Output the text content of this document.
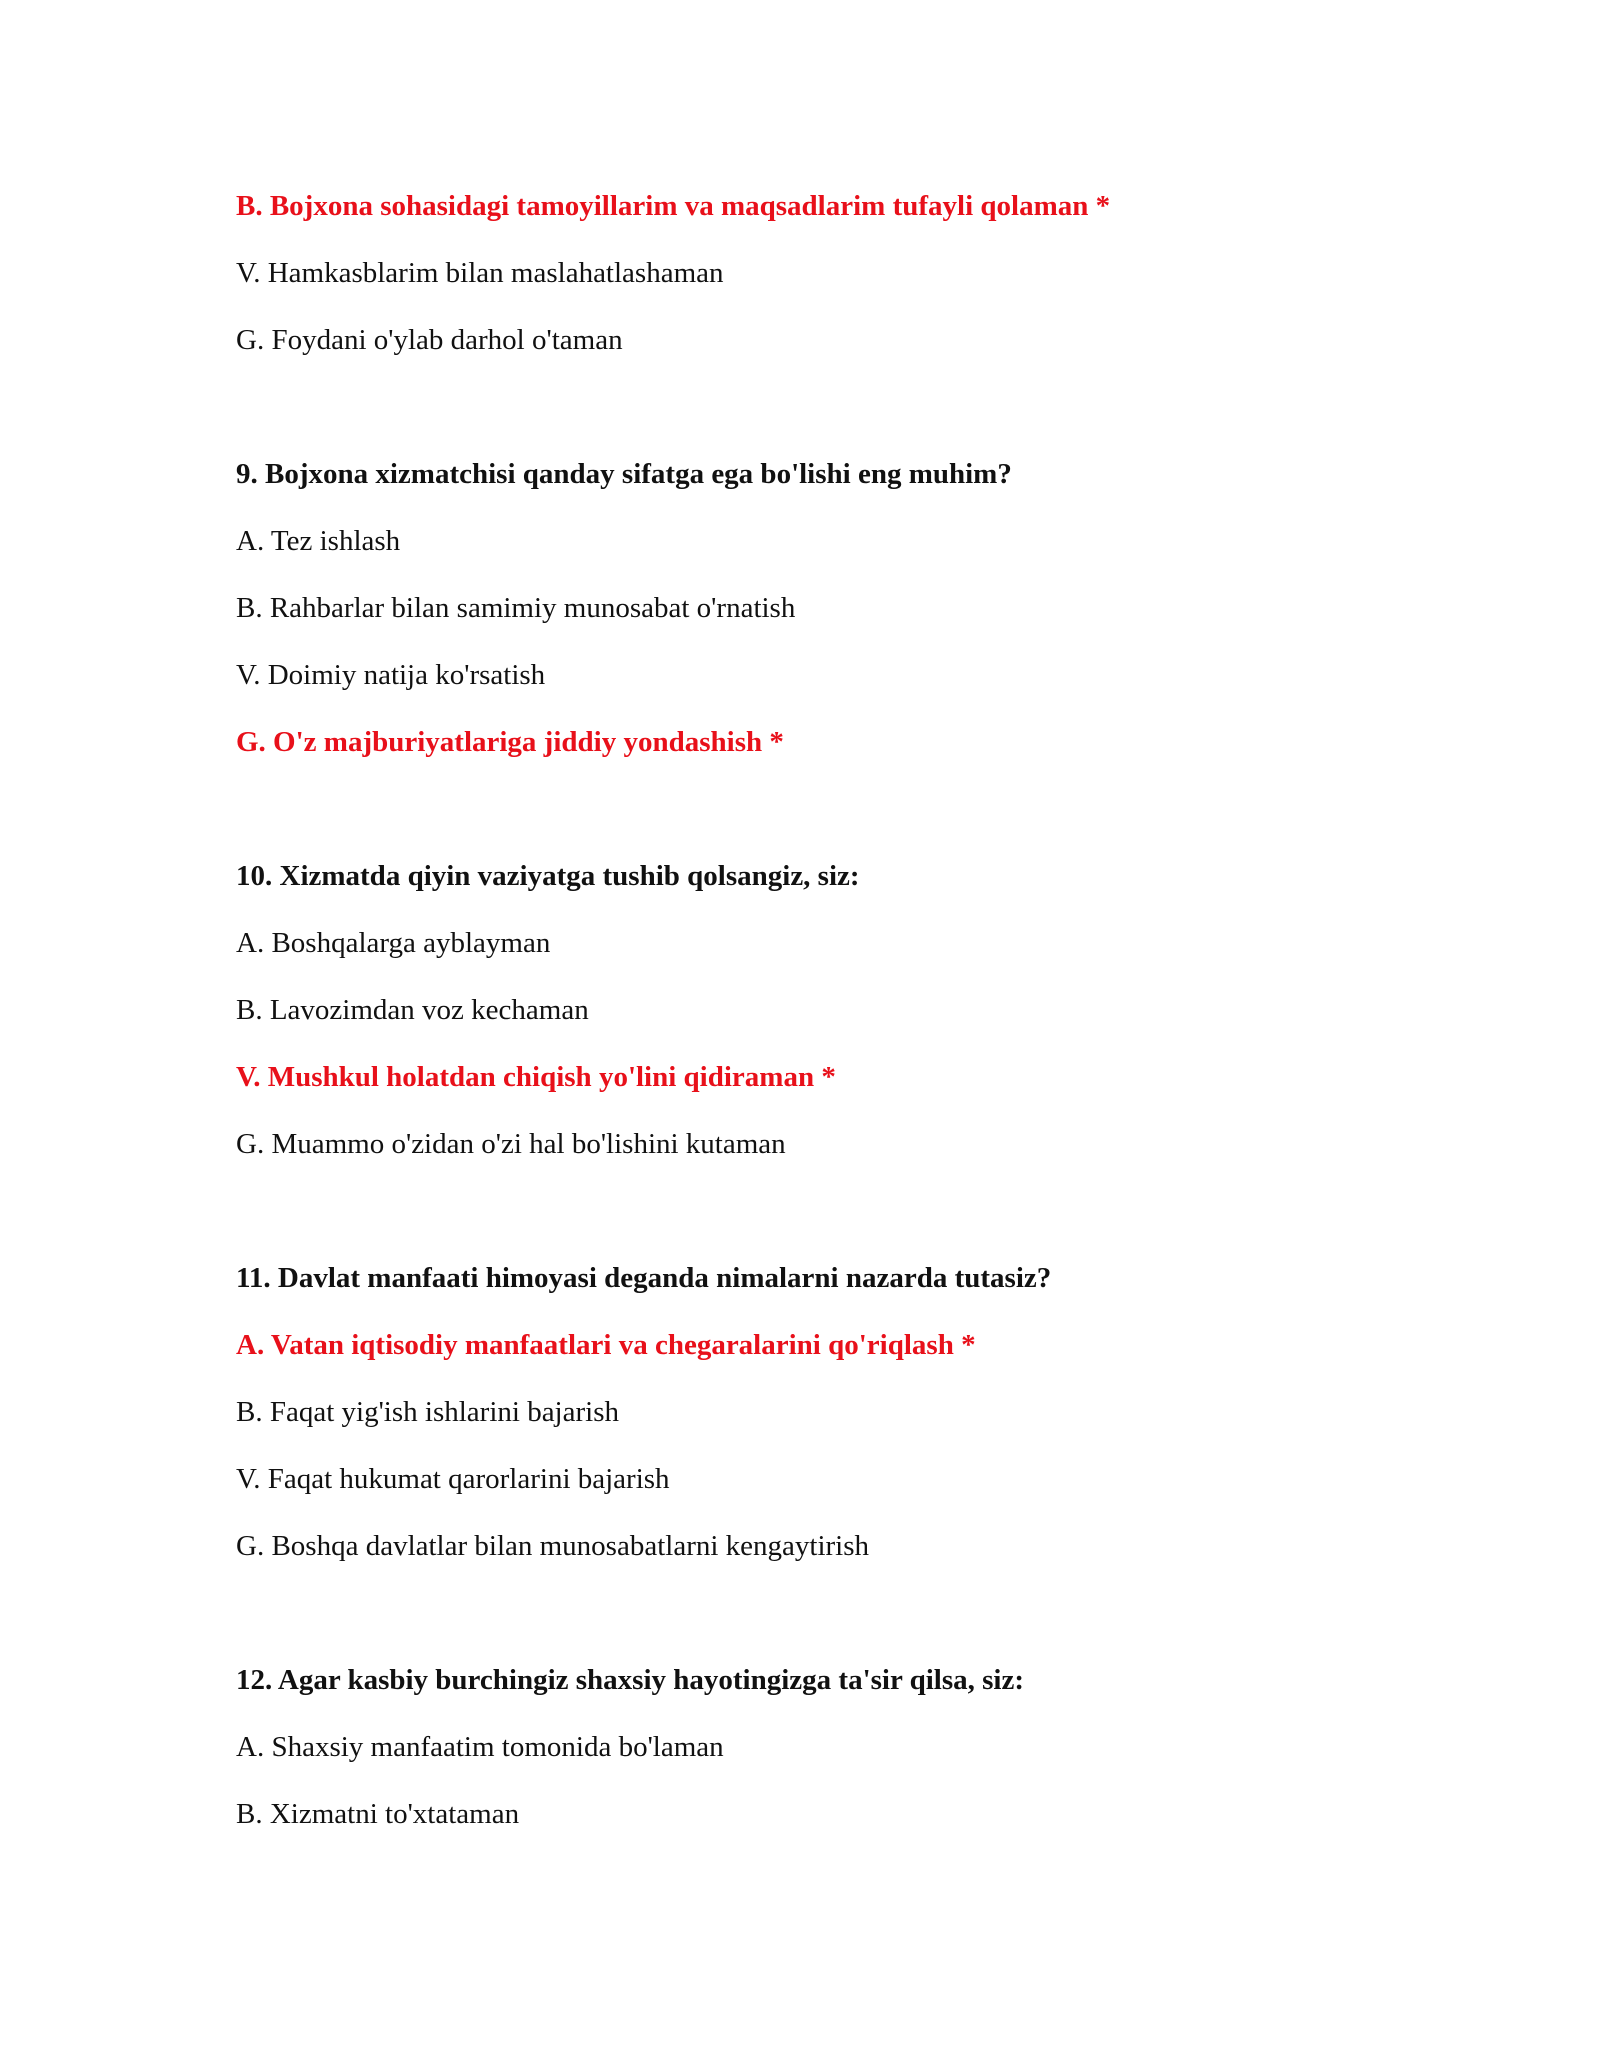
B. Bojxona sohasidagi tamoyillarim va maqsadlarim tufayli qolaman *
V. Hamkasblarim bilan maslahatlashaman
G. Foydani o'ylab darhol o'taman
9. Bojxona xizmatchisi qanday sifatga ega bo'lishi eng muhim?
A. Tez ishlash
B. Rahbarlar bilan samimiy munosabat o'rnatish
V. Doimiy natija ko'rsatish
G. O'z majburiyatlariga jiddiy yondashish *
10. Xizmatda qiyin vaziyatga tushib qolsangiz, siz:
A. Boshqalarga ayblayman
B. Lavozimdan voz kechaman
V. Mushkul holatdan chiqish yo'lini qidiraman *
G. Muammo o'zidan o'zi hal bo'lishini kutaman
11. Davlat manfaati himoyasi deganda nimalarni nazarda tutasiz?
A. Vatan iqtisodiy manfaatlari va chegaralarini qo'riqlash *
B. Faqat yig'ish ishlarini bajarish
V. Faqat hukumat qarorlarini bajarish
G. Boshqa davlatlar bilan munosabatlarni kengaytirish
12. Agar kasbiy burchingiz shaxsiy hayotingizga ta'sir qilsa, siz:
A. Shaxsiy manfaatim tomonida bo'laman
B. Xizmatni to'xtataman
